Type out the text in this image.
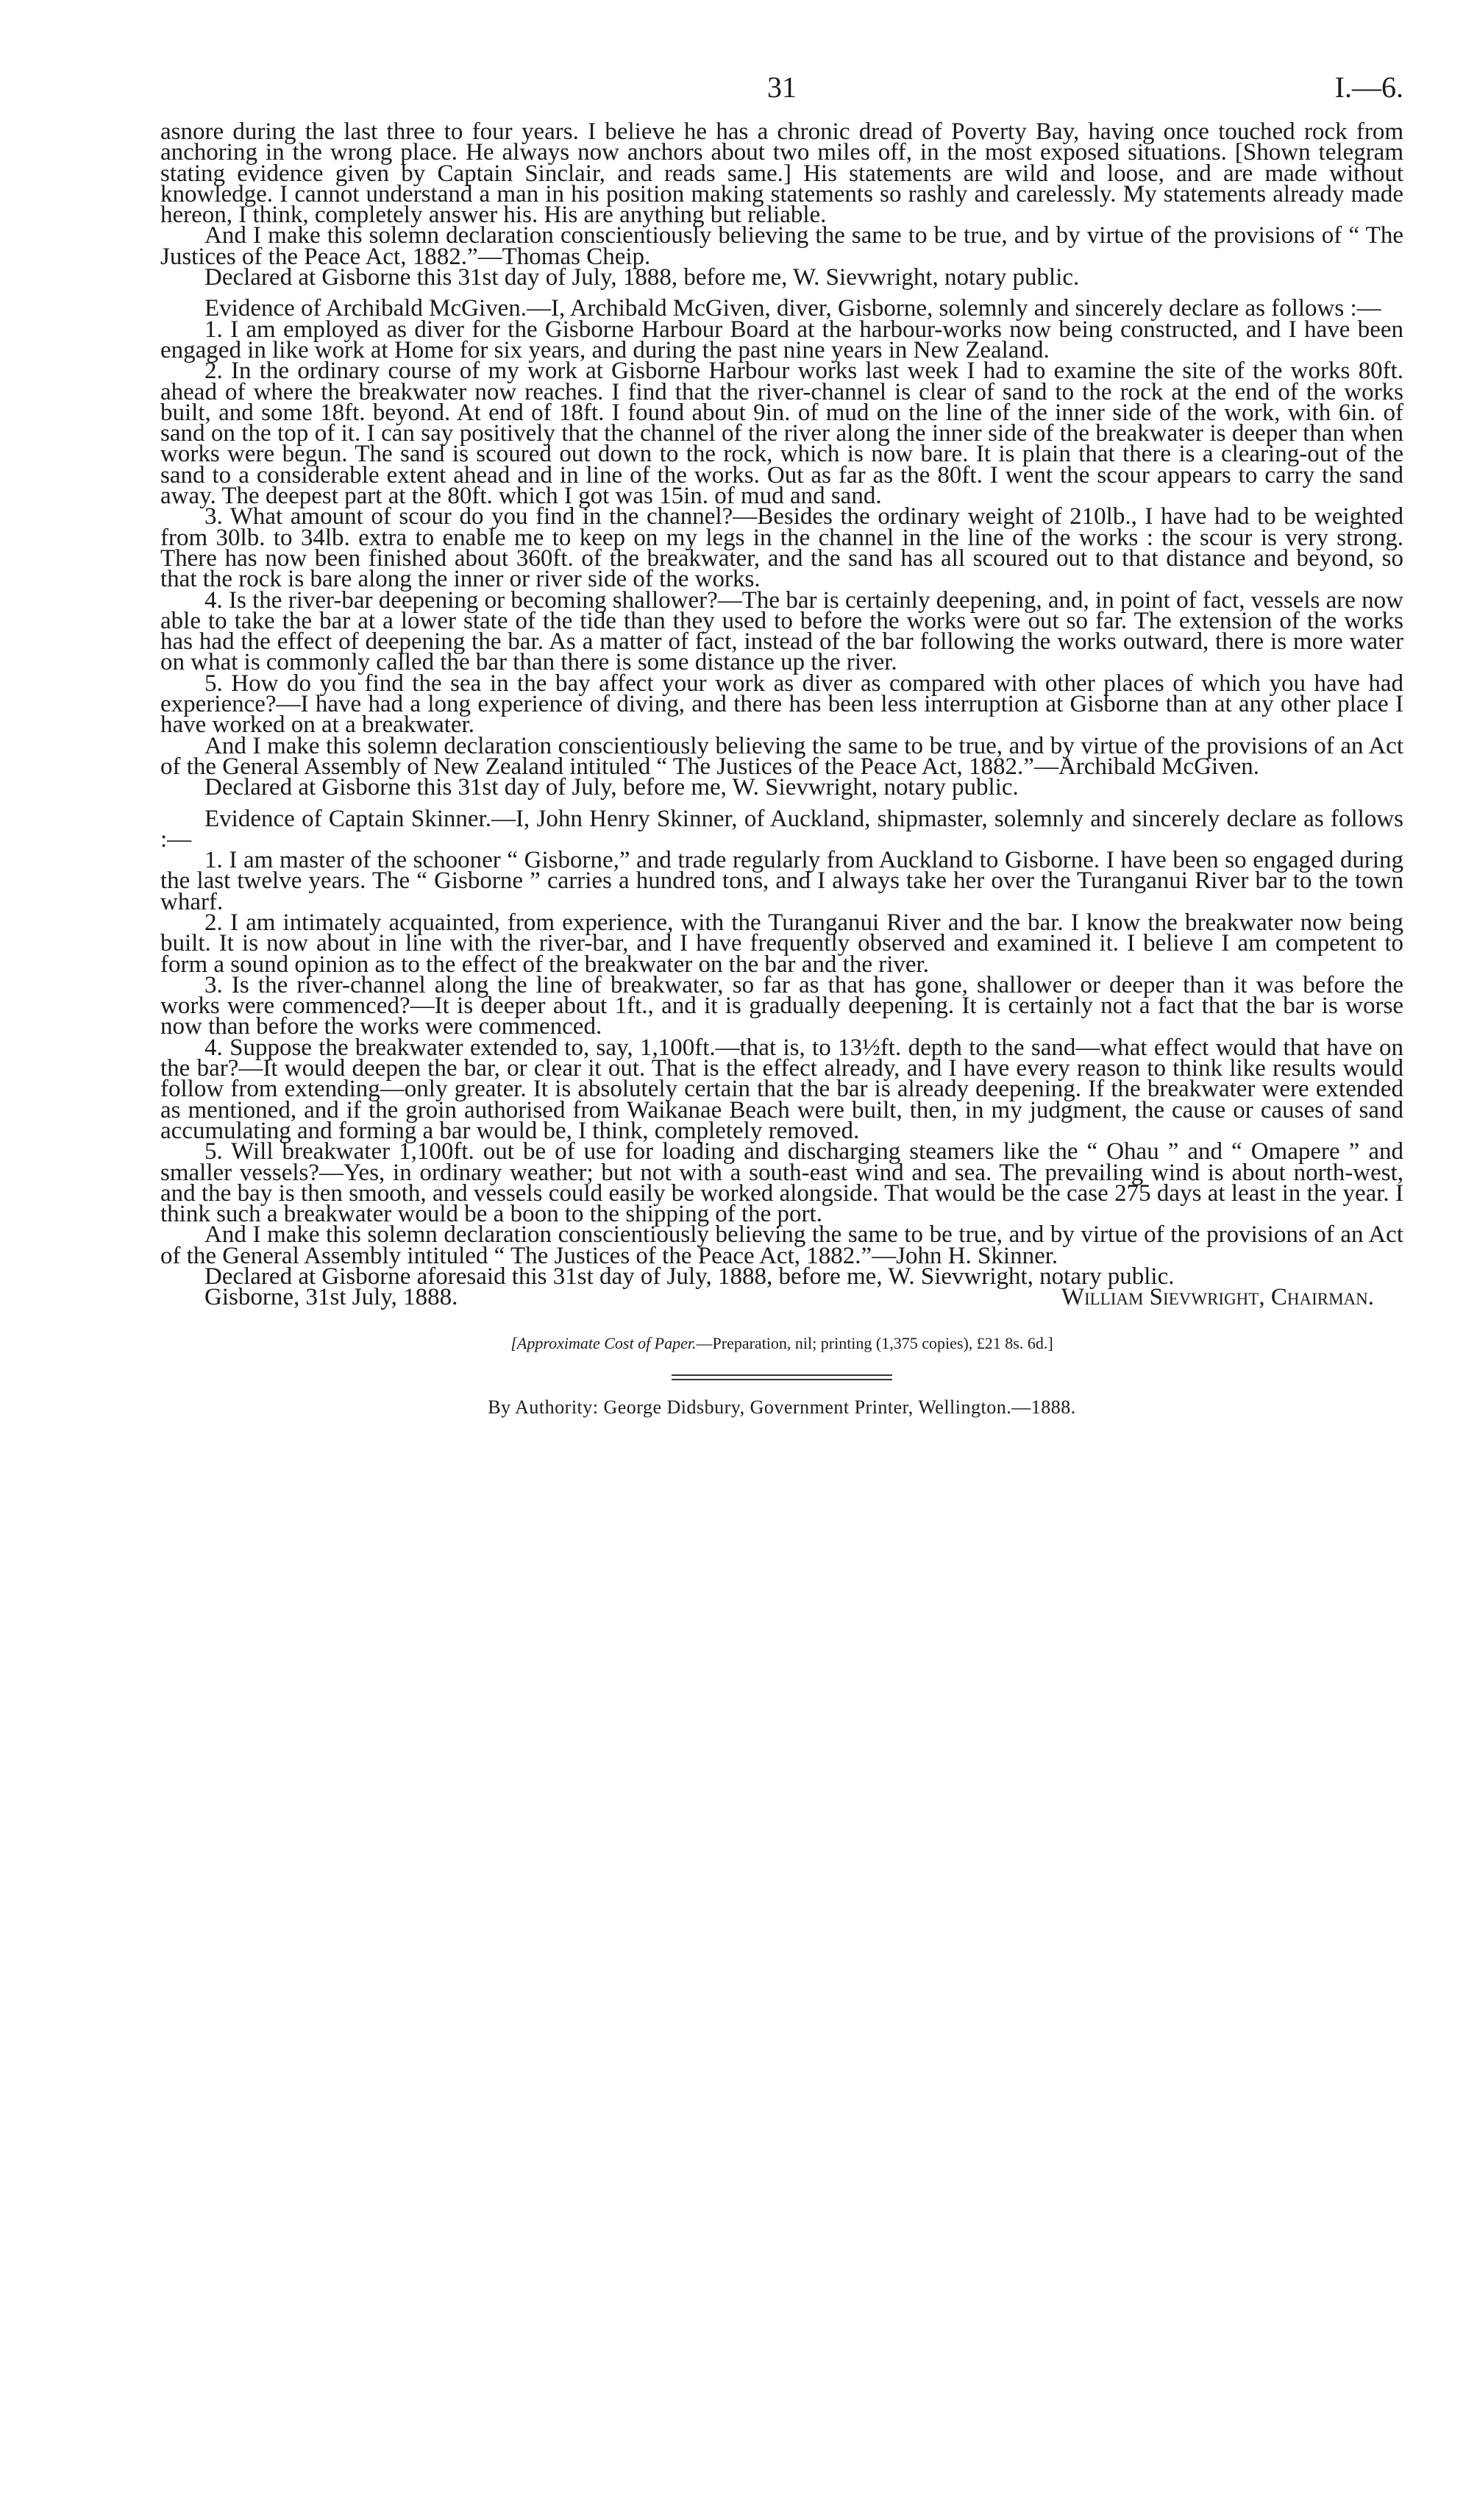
31	I.—6.

asnore during the last three to four years. I believe he has a chronic dread of Poverty Bay, having once touched rock from anchoring in the wrong place. He always now anchors about two miles off, in the most exposed situations. [Shown telegram stating evidence given by Captain Sinclair, and reads same.] His statements are wild and loose, and are made without knowledge. I cannot understand a man in his position making statements so rashly and carelessly. My statements already made hereon, I think, completely answer his. His are anything but reliable.

And I make this solemn declaration conscientiously believing the same to be true, and by virtue of the provisions of “ The Justices of the Peace Act, 1882.”—Thomas Cheip.

Declared at Gisborne this 31st day of July, 1888, before me, W. Sievwright, notary public.

Evidence of Archibald McGiven.—I, Archibald McGiven, diver, Gisborne, solemnly and sincerely declare as follows :—

1. I am employed as diver for the Gisborne Harbour Board at the harbour-works now being constructed, and I have been engaged in like work at Home for six years, and during the past nine years in New Zealand.

2. In the ordinary course of my work at Gisborne Harbour works last week I had to examine the site of the works 80ft. ahead of where the breakwater now reaches. I find that the river-channel is clear of sand to the rock at the end of the works built, and some 18ft. beyond. At end of 18ft. I found about 9in. of mud on the line of the inner side of the work, with 6in. of sand on the top of it. I can say positively that the channel of the river along the inner side of the breakwater is deeper than when works were begun. The sand is scoured out down to the rock, which is now bare. It is plain that there is a clearing-out of the sand to a considerable extent ahead and in line of the works. Out as far as the 80ft. I went the scour appears to carry the sand away. The deepest part at the 80ft. which I got was 15in. of mud and sand.

3. What amount of scour do you find in the channel?—Besides the ordinary weight of 210lb., I have had to be weighted from 30lb. to 34lb. extra to enable me to keep on my legs in the channel in the line of the works : the scour is very strong. There has now been finished about 360ft. of the breakwater, and the sand has all scoured out to that distance and beyond, so that the rock is bare along the inner or river side of the works.

4. Is the river-bar deepening or becoming shallower?—The bar is certainly deepening, and, in point of fact, vessels are now able to take the bar at a lower state of the tide than they used to before the works were out so far. The extension of the works has had the effect of deepening the bar. As a matter of fact, instead of the bar following the works outward, there is more water on what is commonly called the bar than there is some distance up the river.

5. How do you find the sea in the bay affect your work as diver as compared with other places of which you have had experience?—I have had a long experience of diving, and there has been less interruption at Gisborne than at any other place I have worked on at a breakwater.

And I make this solemn declaration conscientiously believing the same to be true, and by virtue of the provisions of an Act of the General Assembly of New Zealand intituled “ The Justices of the Peace Act, 1882.”—Archibald McGiven.

Declared at Gisborne this 31st day of July, before me, W. Sievwright, notary public.

Evidence of Captain Skinner.—I, John Henry Skinner, of Auckland, shipmaster, solemnly and sincerely declare as follows :—

1. I am master of the schooner “ Gisborne,” and trade regularly from Auckland to Gisborne. I have been so engaged during the last twelve years. The “ Gisborne ” carries a hundred tons, and I always take her over the Turanganui River bar to the town wharf.

2. I am intimately acquainted, from experience, with the Turanganui River and the bar. I know the breakwater now being built. It is now about in line with the river-bar, and I have frequently observed and examined it. I believe I am competent to form a sound opinion as to the effect of the breakwater on the bar and the river.

3. Is the river-channel along the line of breakwater, so far as that has gone, shallower or deeper than it was before the works were commenced?—It is deeper about 1ft., and it is gradually deepening. It is certainly not a fact that the bar is worse now than before the works were commenced.

4. Suppose the breakwater extended to, say, 1,100ft.—that is, to 13½ft. depth to the sand—what effect would that have on the bar?—It would deepen the bar, or clear it out. That is the effect already, and I have every reason to think like results would follow from extending—only greater. It is absolutely certain that the bar is already deepening. If the breakwater were extended as mentioned, and if the groin authorised from Waikanae Beach were built, then, in my judgment, the cause or causes of sand accumulating and forming a bar would be, I think, completely removed.

5. Will breakwater 1,100ft. out be of use for loading and discharging steamers like the “ Ohau ” and “ Omapere ” and smaller vessels?—Yes, in ordinary weather; but not with a south-east wind and sea. The prevailing wind is about north-west, and the bay is then smooth, and vessels could easily be worked alongside. That would be the case 275 days at least in the year. I think such a breakwater would be a boon to the shipping of the port.

And I make this solemn declaration conscientiously believing the same to be true, and by virtue of the provisions of an Act of the General Assembly intituled “ The Justices of the Peace Act, 1882.”—John H. Skinner.

Declared at Gisborne aforesaid this 31st day of July, 1888, before me, W. Sievwright, notary public.

Gisborne, 31st July, 1888.	William Sievwright, Chairman.
[Approximate Cost of Paper.—Preparation, nil; printing (1,375 copies), £21 8s. 6d.]
By Authority: George Didsbury, Government Printer, Wellington.—1888.
